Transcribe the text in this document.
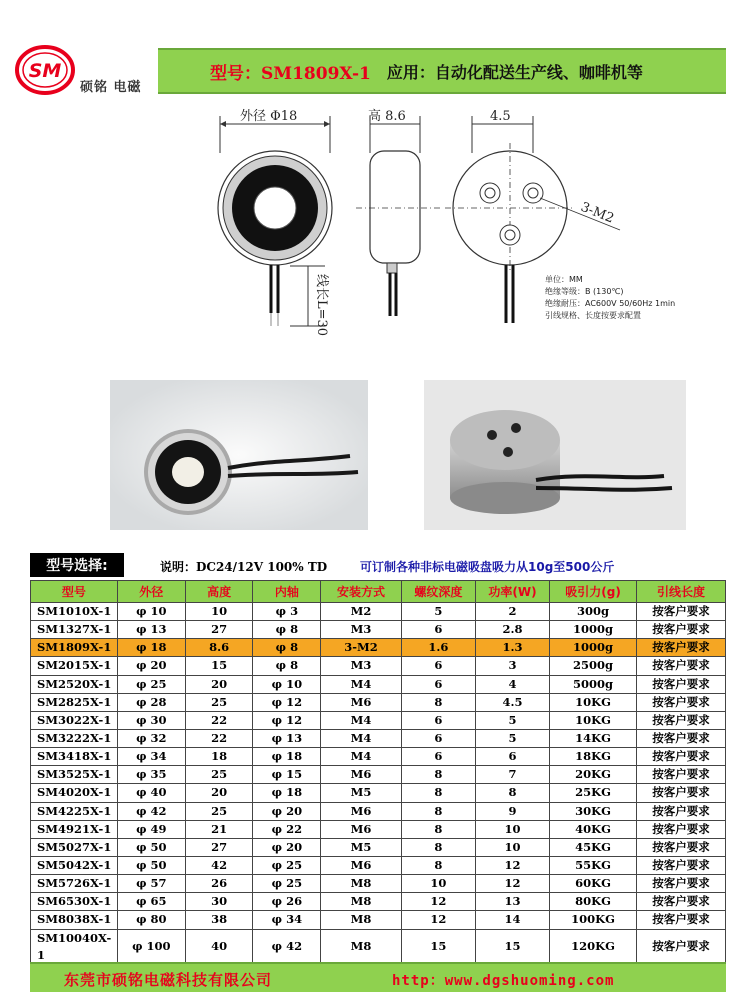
SM
硕铭 电磁
型号：SM1809X-1 应用：自动化配送生产线、咖啡机等
外径 Φ18
线长L=30
高 8.6	4.5
3-M2
单位：MM
绝缘等级：B (130℃)
绝缘耐压：AC600V 50/60Hz 1min
引线规格、长度按要求配置
型号选择:	说明：DC24/12V 100% TD	可订制各种非标电磁吸盘吸力从10g至500公斤
型号	外径	高度	内轴	安装方式	螺纹深度	功率(W)	吸引力(g)	引线长度
SM1010X-1	φ 10	10	φ 3	M2	5	2	300g	按客户要求
SM1327X-1	φ 13	27	φ 8	M3	6	2.8	1000g	按客户要求
SM1809X-1	φ 18	8.6	φ 8	3-M2	1.6	1.3	1000g	按客户要求
SM2015X-1	φ 20	15	φ 8	M3	6	3	2500g	按客户要求
SM2520X-1	φ 25	20	φ 10	M4	6	4	5000g	按客户要求
SM2825X-1	φ 28	25	φ 12	M6	8	4.5	10KG	按客户要求
SM3022X-1	φ 30	22	φ 12	M4	6	5	10KG	按客户要求
SM3222X-1	φ 32	22	φ 13	M4	6	5	14KG	按客户要求
SM3418X-1	φ 34	18	φ 18	M4	6	6	18KG	按客户要求
SM3525X-1	φ 35	25	φ 15	M6	8	7	20KG	按客户要求
SM4020X-1	φ 40	20	φ 18	M5	8	8	25KG	按客户要求
SM4225X-1	φ 42	25	φ 20	M6	8	9	30KG	按客户要求
SM4921X-1	φ 49	21	φ 22	M6	8	10	40KG	按客户要求
SM5027X-1	φ 50	27	φ 20	M5	8	10	45KG	按客户要求
SM5042X-1	φ 50	42	φ 25	M6	8	12	55KG	按客户要求
SM5726X-1	φ 57	26	φ 25	M8	10	12	60KG	按客户要求
SM6530X-1	φ 65	30	φ 26	M8	12	13	80KG	按客户要求
SM8038X-1	φ 80	38	φ 34	M8	12	14	100KG	按客户要求
SM10040X-1	φ 100	40	φ 42	M8	15	15	120KG	按客户要求
东莞市硕铭电磁科技有限公司	http：www.dgshuoming.com
